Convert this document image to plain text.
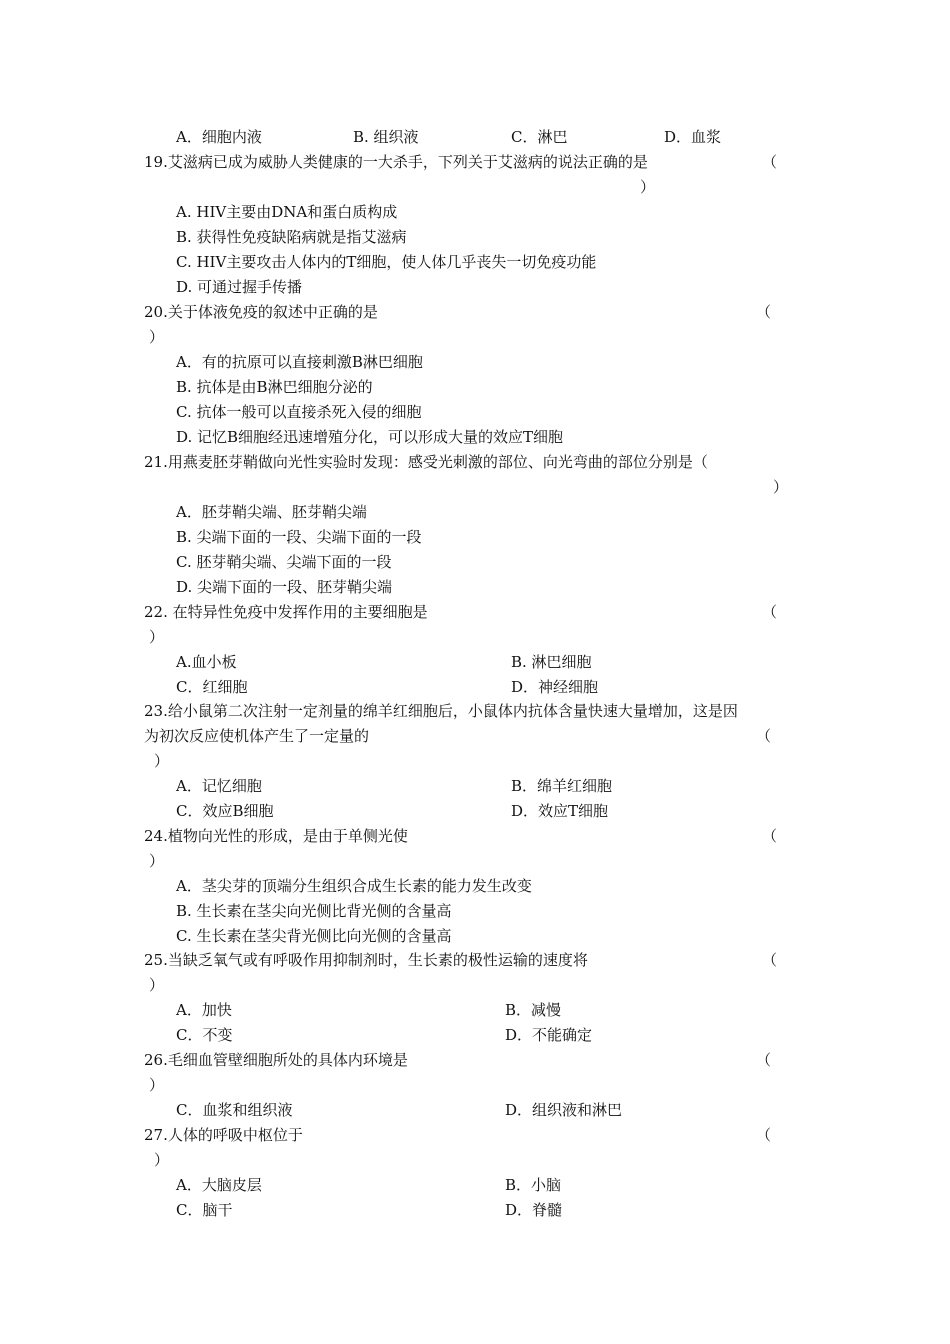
A．细胞内液	B. 组织液	C．淋巴	D．血浆
19.艾滋病已成为威胁人类健康的一大杀手，下列关于艾滋病的说法正确的是	（
）
A. HIV主要由DNA和蛋白质构成
B. 获得性免疫缺陷病就是指艾滋病
C. HIV主要攻击人体内的T细胞，使人体几乎丧失一切免疫功能
D. 可通过握手传播
20.关于体液免疫的叙述中正确的是	（
）
A．有的抗原可以直接刺激B淋巴细胞
B. 抗体是由B淋巴细胞分泌的
C. 抗体一般可以直接杀死入侵的细胞
D. 记忆B细胞经迅速增殖分化，可以形成大量的效应T细胞
21.用燕麦胚芽鞘做向光性实验时发现：感受光刺激的部位、向光弯曲的部位分别是（
）
A．胚芽鞘尖端、胚芽鞘尖端
B. 尖端下面的一段、尖端下面的一段
C. 胚芽鞘尖端、尖端下面的一段
D. 尖端下面的一段、胚芽鞘尖端
22. 在特异性免疫中发挥作用的主要细胞是	（
）
A.血小板	B. 淋巴细胞
C．红细胞	D．神经细胞
23.给小鼠第二次注射一定剂量的绵羊红细胞后，小鼠体内抗体含量快速大量增加，这是因
为初次反应使机体产生了一定量的	（
）
A．记忆细胞	B．绵羊红细胞
C．效应B细胞	D．效应T细胞
24.植物向光性的形成，是由于单侧光使	（
）
A．茎尖芽的顶端分生组织合成生长素的能力发生改变
B. 生长素在茎尖向光侧比背光侧的含量高
C. 生长素在茎尖背光侧比向光侧的含量高
25.当缺乏氧气或有呼吸作用抑制剂时，生长素的极性运输的速度将	（
）
A．加快	B．减慢
C．不变	D．不能确定
26.毛细血管壁细胞所处的具体内环境是	（
）
C．血浆和组织液	D．组织液和淋巴
27.人体的呼吸中枢位于	（
）
A．大脑皮层	B．小脑
C．脑干	D．脊髓
